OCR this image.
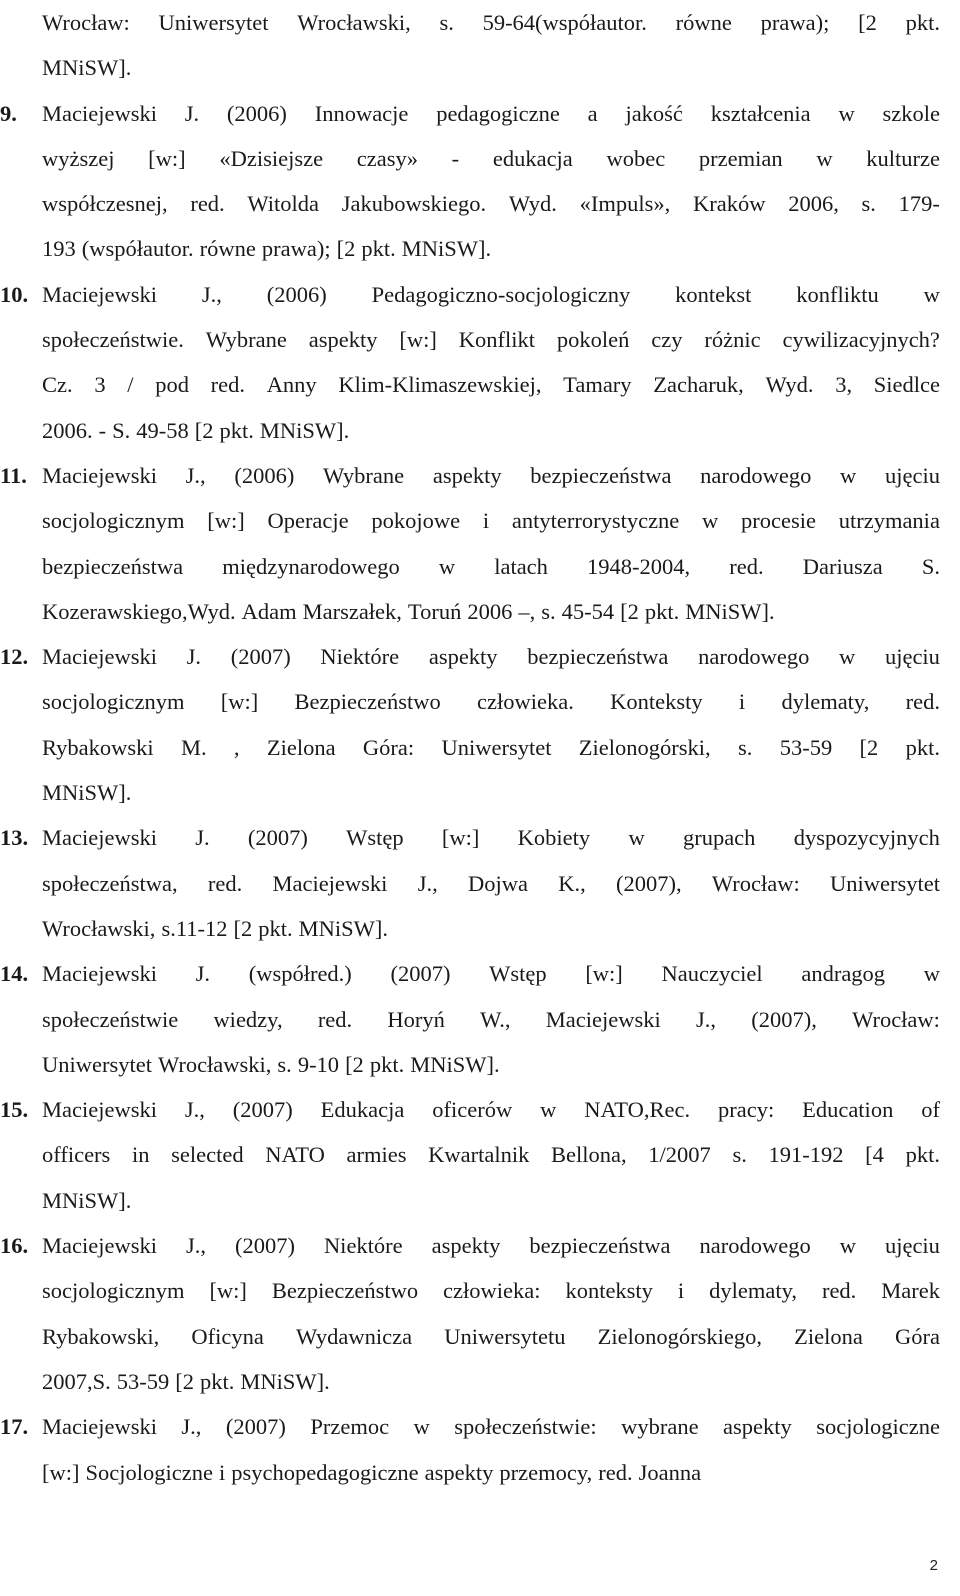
Wrocław: Uniwersytet Wrocławski, s. 59-64(współautor. równe prawa); [2 pkt.
MNiSW].
9.	Maciejewski J. (2006) Innowacje pedagogiczne a jakość kształcenia w szkole
wyższej [w:] «Dzisiejsze czasy» - edukacja wobec przemian w kulturze
współczesnej, red. Witolda Jakubowskiego. Wyd. «Impuls», Kraków 2006, s. 179-
193 (współautor. równe prawa); [2 pkt. MNiSW].
10. Maciejewski J., (2006) Pedagogiczno-socjologiczny kontekst konfliktu w
społeczeństwie. Wybrane aspekty [w:] Konflikt pokoleń czy różnic cywilizacyjnych?
Cz. 3 / pod red. Anny Klim-Klimaszewskiej, Tamary Zacharuk, Wyd. 3, Siedlce
2006. - S. 49-58 [2 pkt. MNiSW].
11. Maciejewski J., (2006) Wybrane aspekty bezpieczeństwa narodowego w ujęciu
socjologicznym [w:] Operacje pokojowe i antyterrorystyczne w procesie utrzymania
bezpieczeństwa międzynarodowego w latach 1948-2004, red. Dariusza S.
Kozerawskiego,Wyd. Adam Marszałek, Toruń 2006 –, s. 45-54 [2 pkt. MNiSW].
12. Maciejewski J. (2007) Niektóre aspekty bezpieczeństwa narodowego w ujęciu
socjologicznym [w:] Bezpieczeństwo człowieka. Konteksty i dylematy, red.
Rybakowski M. , Zielona Góra: Uniwersytet Zielonogórski, s. 53-59 [2 pkt.
MNiSW].
13. Maciejewski J. (2007) Wstęp [w:] Kobiety w grupach dyspozycyjnych
społeczeństwa, red. Maciejewski J., Dojwa K., (2007), Wrocław: Uniwersytet
Wrocławski, s.11-12 [2 pkt. MNiSW].
14. Maciejewski J. (współred.) (2007) Wstęp [w:] Nauczyciel andragog w
społeczeństwie wiedzy, red. Horyń W., Maciejewski J., (2007), Wrocław:
Uniwersytet Wrocławski, s. 9-10 [2 pkt. MNiSW].
15. Maciejewski J., (2007) Edukacja oficerów w NATO,Rec. pracy: Education of
officers in selected NATO armies Kwartalnik Bellona, 1/2007 s. 191-192 [4 pkt.
MNiSW].
16. Maciejewski J., (2007) Niektóre aspekty bezpieczeństwa narodowego w ujęciu
socjologicznym [w:] Bezpieczeństwo człowieka: konteksty i dylematy, red. Marek
Rybakowski, Oficyna Wydawnicza Uniwersytetu Zielonogórskiego, Zielona Góra
2007,S. 53-59 [2 pkt. MNiSW].
17. Maciejewski J., (2007) Przemoc w społeczeństwie: wybrane aspekty socjologiczne
[w:] Socjologiczne i psychopedagogiczne aspekty przemocy, red. Joanna
2
